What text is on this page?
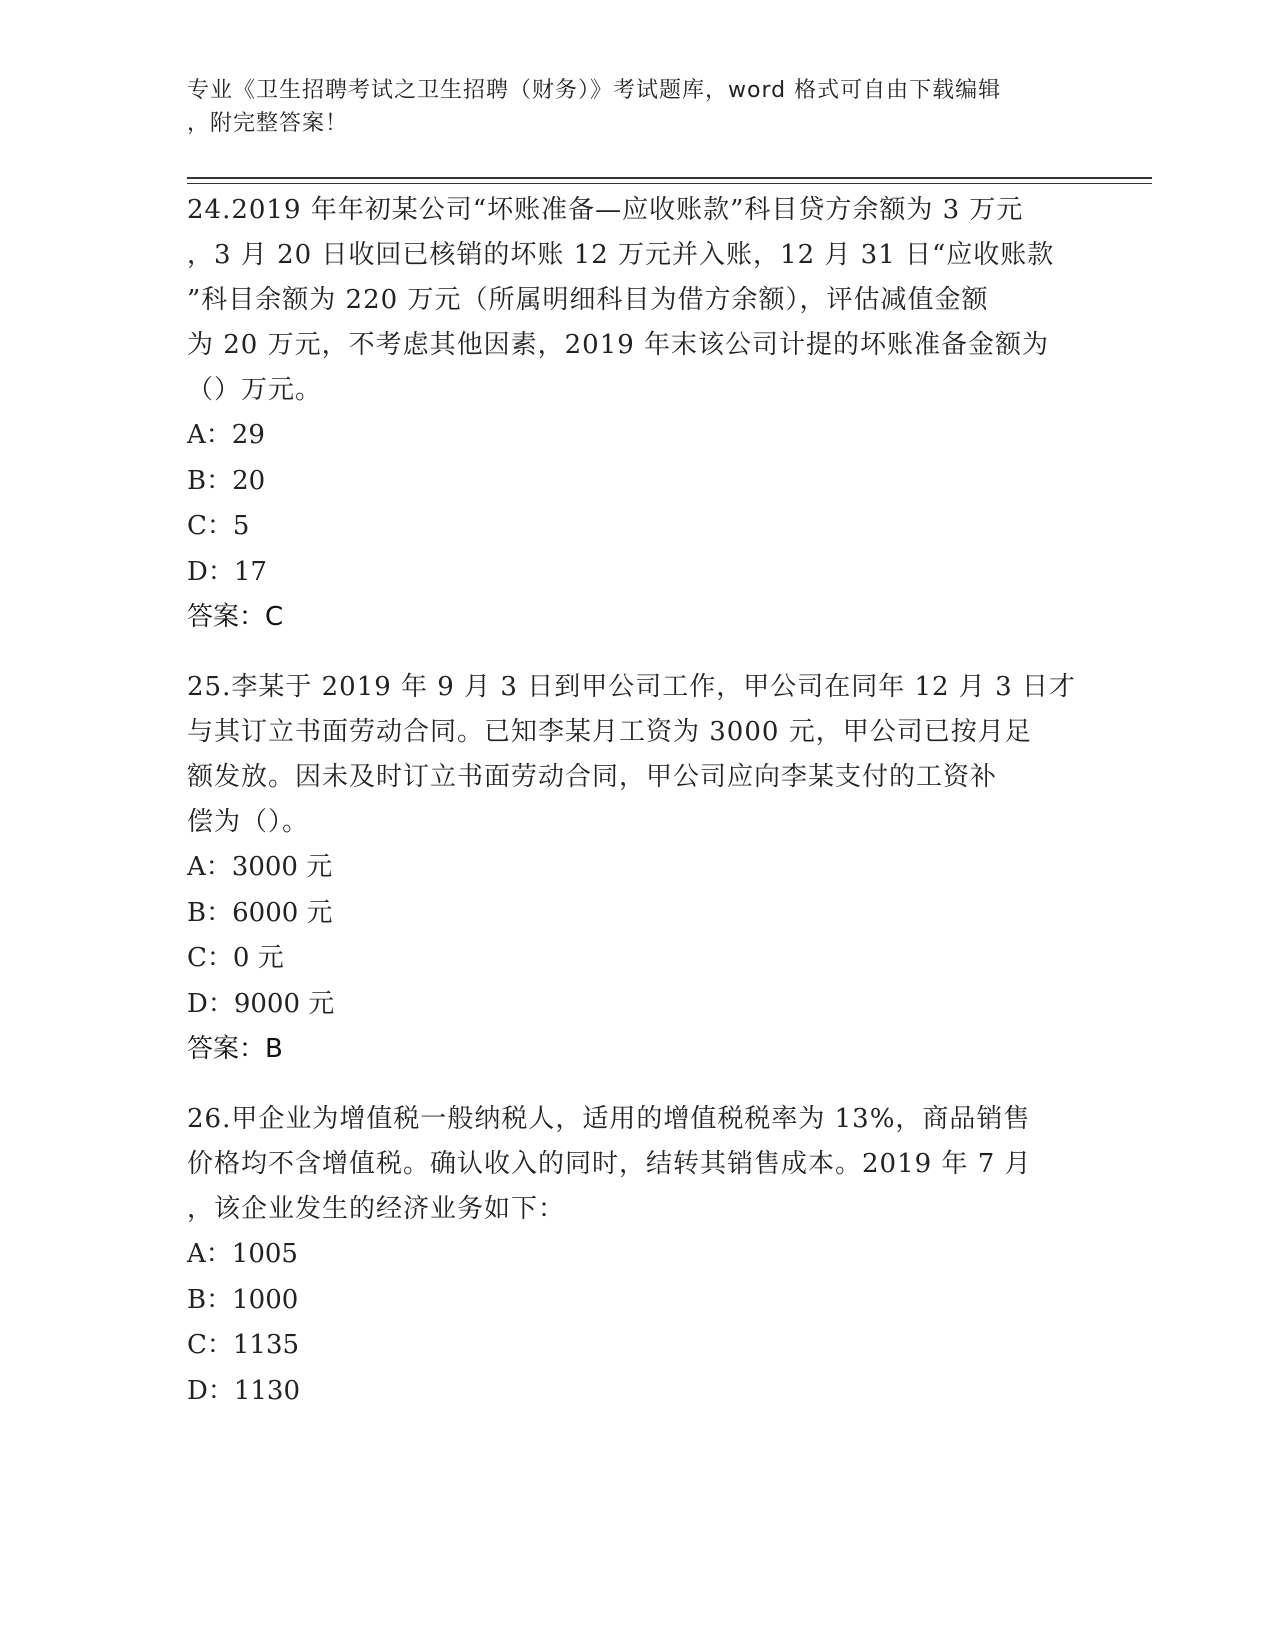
专业《卫生招聘考试之卫生招聘（财务）》考试题库，word 格式可自由下载编辑
，附完整答案！
24.2019 年年初某公司“坏账准备—应收账款”科目贷方余额为 3 万元
，3 月 20 日收回已核销的坏账 12 万元并入账，12 月 31 日“应收账款
”科目余额为 220 万元（所属明细科目为借方余额），评估减值金额
为 20 万元，不考虑其他因素，2019 年末该公司计提的坏账准备金额为
（）万元。
A：29
B：20
C：5
D：17
答案：C
25.李某于 2019 年 9 月 3 日到甲公司工作，甲公司在同年 12 月 3 日才
与其订立书面劳动合同。已知李某月工资为 3000 元，甲公司已按月足
额发放。因未及时订立书面劳动合同，甲公司应向李某支付的工资补
偿为（）。
A：3000 元
B：6000 元
C：0 元
D：9000 元
答案：B
26.甲企业为增值税一般纳税人，适用的增值税税率为 13%，商品销售
价格均不含增值税。确认收入的同时，结转其销售成本。2019 年 7 月
，该企业发生的经济业务如下：
A：1005
B：1000
C：1135
D：1130
